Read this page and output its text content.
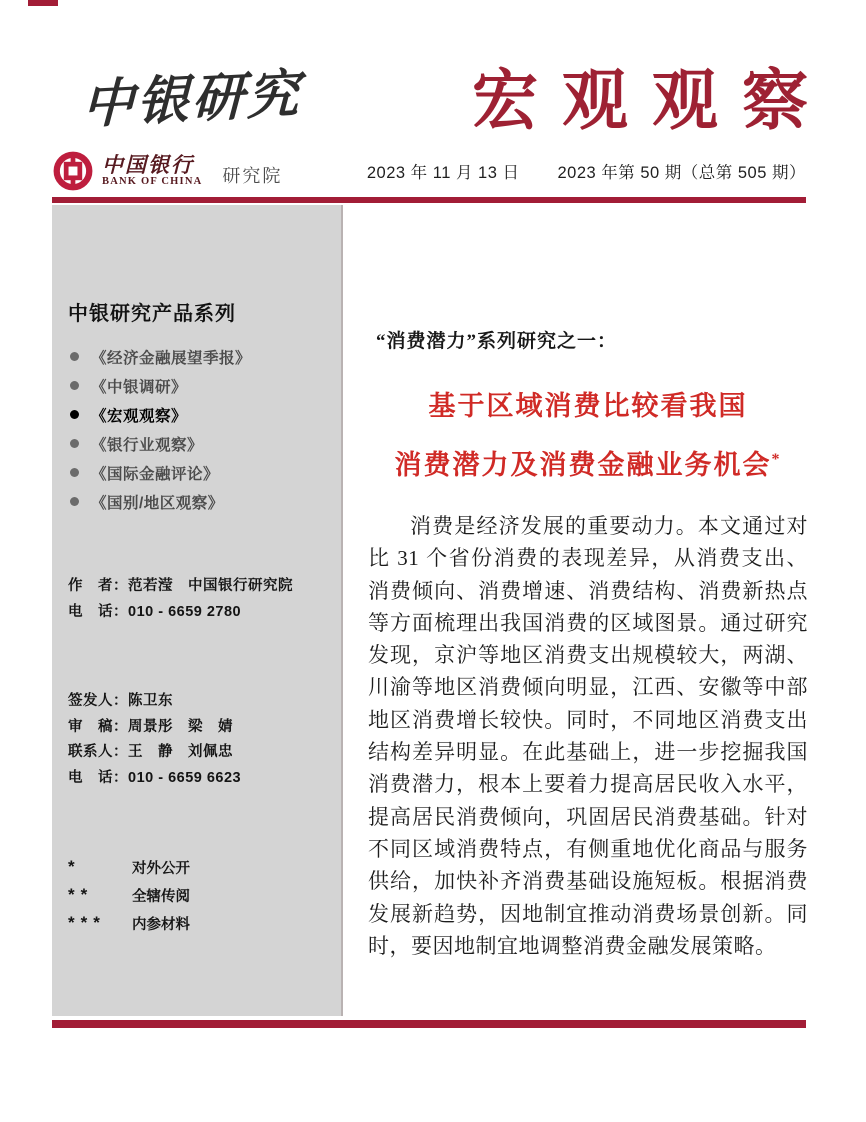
中银研究	宏观观察
中国银行
BANK OF CHINA 研究院	2023 年 11 月 13 日 2023 年第 50 期（总第 505 期）
中银研究产品系列
《经济金融展望季报》
《中银调研》
《宏观观察》
《银行业观察》
《国际金融评论》
《国别/地区观察》
作　者：范若滢　中国银行研究院
电　话：010 - 6659 2780
签发人：陈卫东
审　稿：周景彤　梁　婧
联系人：王　静　刘佩忠
电　话：010 - 6659 6623
*	对外公开
**	全辖传阅
***	内参材料
“消费潜力”系列研究之一：
基于区域消费比较看我国
消费潜力及消费金融业务机会*

消费是经济发展的重要动力。本文通过对比 31 个省份消费的表现差异，从消费支出、消费倾向、消费增速、消费结构、消费新热点等方面梳理出我国消费的区域图景。通过研究发现，京沪等地区消费支出规模较大，两湖、川渝等地区消费倾向明显，江西、安徽等中部地区消费增长较快。同时，不同地区消费支出结构差异明显。在此基础上，进一步挖掘我国消费潜力，根本上要着力提高居民收入水平，提高居民消费倾向，巩固居民消费基础。针对不同区域消费特点，有侧重地优化商品与服务供给，加快补齐消费基础设施短板。根据消费发展新趋势，因地制宜推动消费场景创新。同时，要因地制宜地调整消费金融发展策略。
